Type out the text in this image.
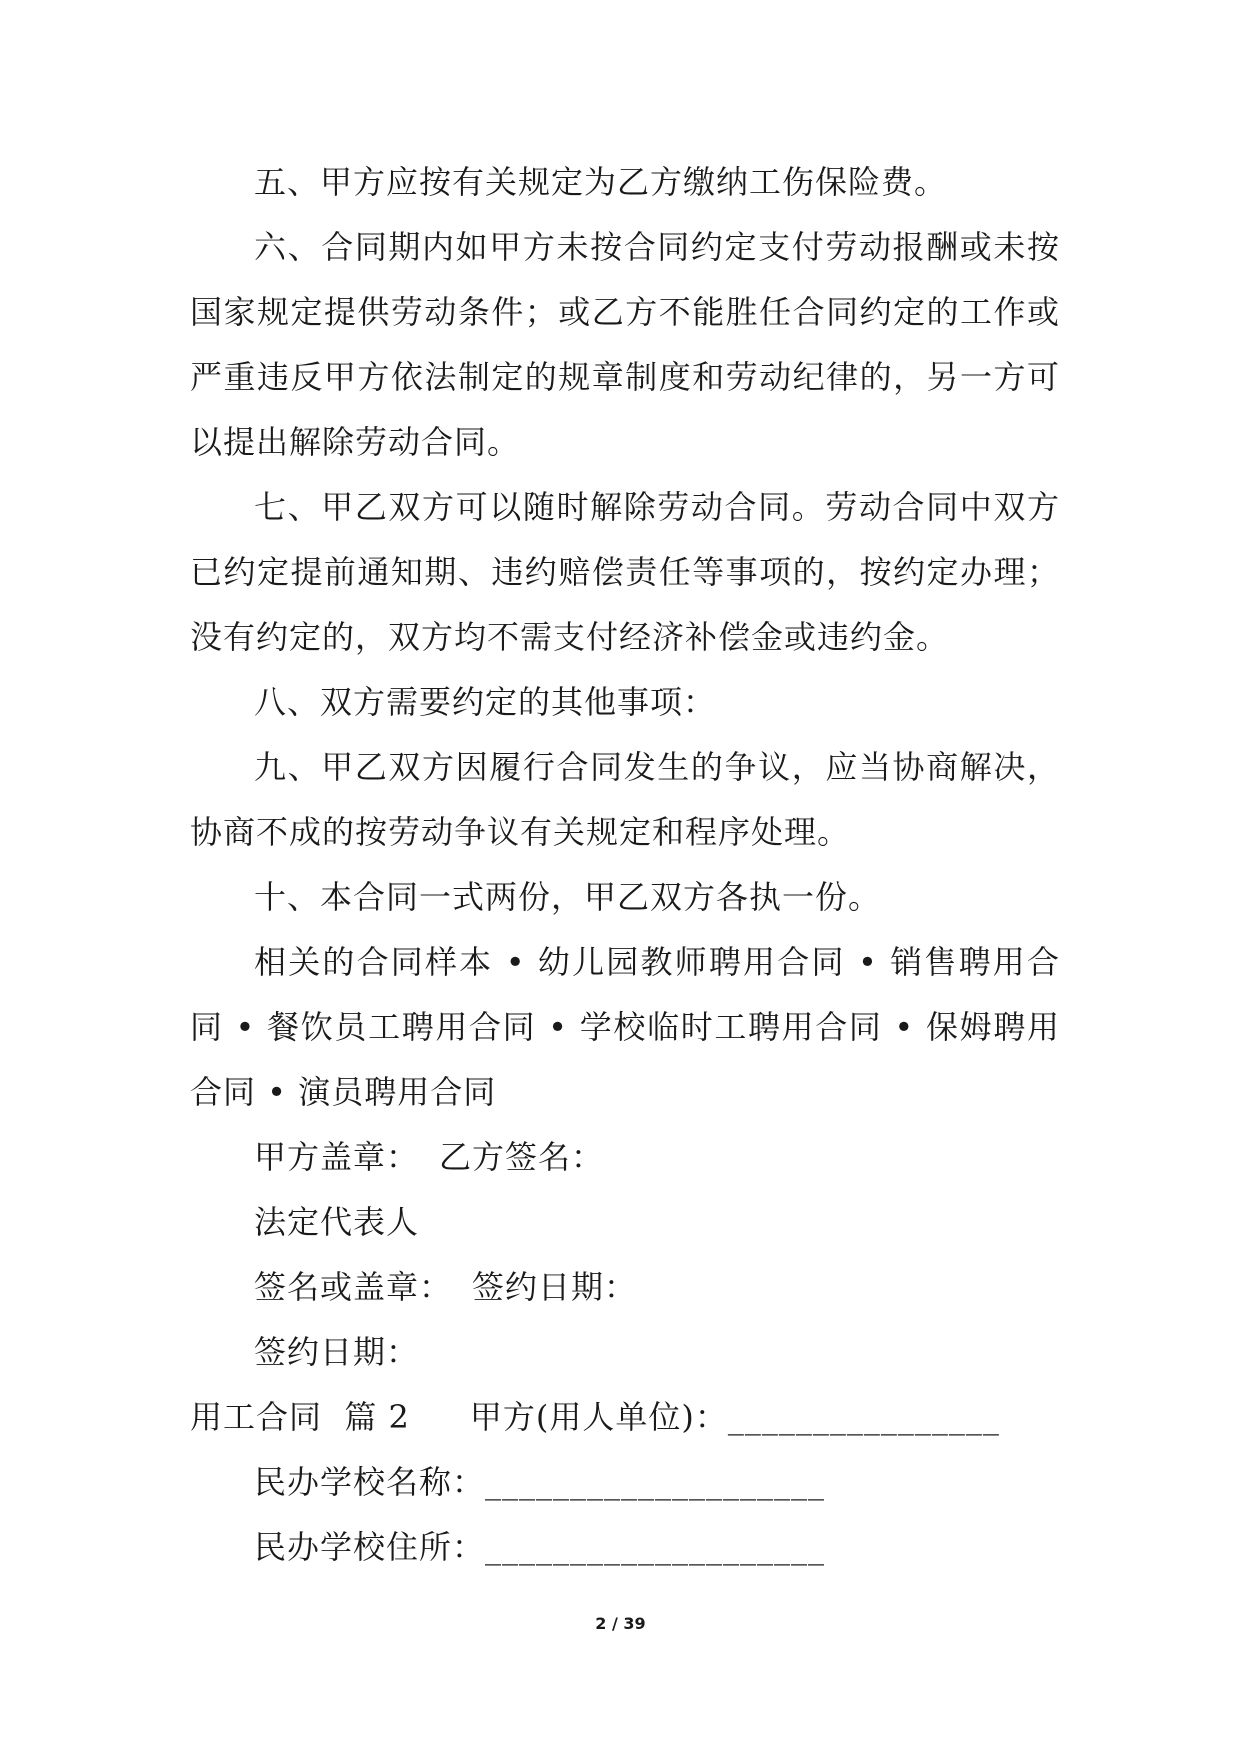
五、甲方应按有关规定为乙方缴纳工伤保险费。

六、合同期内如甲方未按合同约定支付劳动报酬或未按国家规定提供劳动条件；或乙方不能胜任合同约定的工作或严重违反甲方依法制定的规章制度和劳动纪律的，另一方可以提出解除劳动合同。

七、甲乙双方可以随时解除劳动合同。劳动合同中双方已约定提前通知期、违约赔偿责任等事项的，按约定办理；没有约定的，双方均不需支付经济补偿金或违约金。

八、双方需要约定的其他事项：

九、甲乙双方因履行合同发生的争议，应当协商解决，协商不成的按劳动争议有关规定和程序处理。

十、本合同一式两份，甲乙双方各执一份。

相关的合同样本 • 幼儿园教师聘用合同 • 销售聘用合同 • 餐饮员工聘用合同 • 学校临时工聘用合同 • 保姆聘用合同 • 演员聘用合同

甲方盖章： 乙方签名：

法定代表人

签名或盖章： 签约日期：

签约日期：

用工合同  篇 2 甲方(用人单位)：________________

民办学校名称：____________________

民办学校住所：____________________

2 / 39
